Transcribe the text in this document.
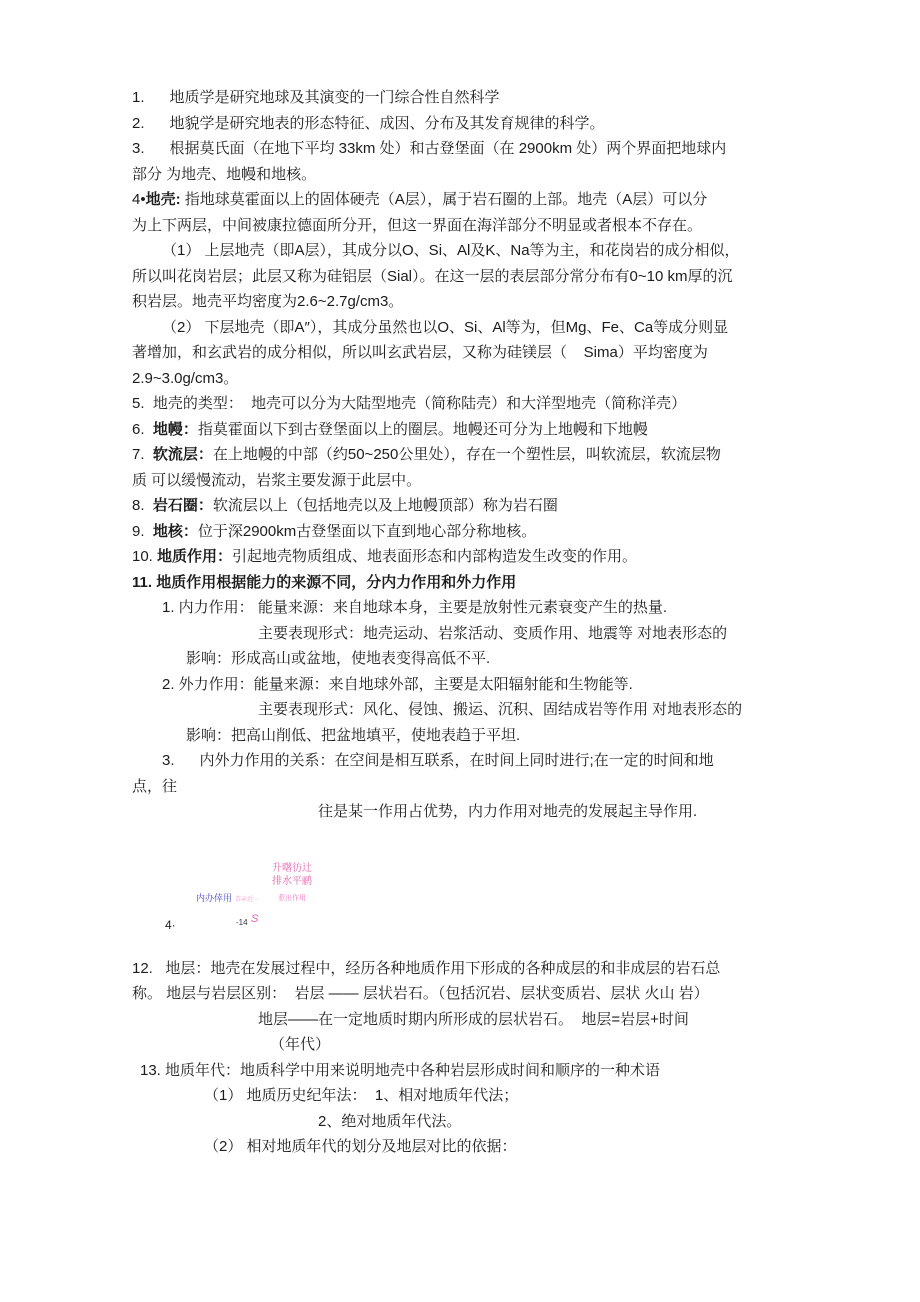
1.      地质学是研究地球及其演变的一门综合性自然科学
2.      地貌学是研究地表的形态特征、成因、分布及其发育规律的科学。
3.      根据莫氏面（在地下平均 33km 处）和古登堡面（在 2900km 处）两个界面把地球内
部分 为地壳、地幔和地核。
4•地壳: 指地球莫霍面以上的固体硬壳（A层），属于岩石圈的上部。地壳（A层）可以分
为上下两层，中间被康拉德面所分开，但这一界面在海洋部分不明显或者根本不存在。
（1） 上层地壳（即A层），其成分以O、Si、Al及K、Na等为主，和花岗岩的成分相似，
所以叫花岗岩层；此层又称为硅铝层（Sial）。在这一层的表层部分常分布有0~10 km厚的沉
积岩层。地壳平均密度为2.6~2.7g/cm3。
（2） 下层地壳（即A″），其成分虽然也以O、Si、Al等为，但Mg、Fe、Ca等成分则显
著增加，和玄武岩的成分相似，所以叫玄武岩层，又称为硅镁层（    Sima）平均密度为
2.9~3.0g/cm3。
5.  地壳的类型：  地壳可以分为大陆型地壳（简称陆壳）和大洋型地壳（简称洋壳）
6.  地幔：指莫霍面以下到古登堡面以上的圈层。地幔还可分为上地幔和下地幔
7.  软流层：在上地幔的中部（约50~250公里处），存在一个塑性层，叫软流层，软流层物
质 可以缓慢流动，岩浆主要发源于此层中。
8.  岩石圈：软流层以上（包括地壳以及上地幔顶部）称为岩石圈
9.  地核：位于深2900km古登堡面以下直到地心部分称地核。
10. 地质作用：引起地壳物质组成、地表面形态和内部构造发生改变的作用。
11. 地质作用根据能力的来源不同，分内力作用和外力作用
1. 内力作用： 能量来源：来自地球本身，主要是放射性元素衰变产生的热量.
主要表现形式：地壳运动、岩浆活动、变质作用、地震等 对地表形态的
影响：形成高山或盆地，使地表变得高低不平.
2. 外力作用：能量来源：来自地球外部，主要是太阳辐射能和生物能等.
主要表现形式：风化、侵蚀、搬运、沉积、固结成岩等作用 对地表形态的
影响：把高山削低、把盆地填平，使地表趋于平坦.
3.      内外力作用的关系：在空间是相互联系，在时间上同时进行;在一定的时间和地
点，往
往是某一作用占优势，内力作用对地壳的发展起主导作用.
升曙彷辻
排水平鹂
内办倖用 恭亲近⋯	惹出作用
4·	-14 S
12.   地层：地壳在发展过程中，经历各种地质作用下形成的各种成层的和非成层的岩石总
称。 地层与岩层区别：  岩层 —— 层状岩石。（包括沉岩、层状变质岩、层状 火山 岩）
地层——在一定地质时期内所形成的层状岩石。  地层=岩层+时间
（年代）
13. 地质年代：地质科学中用来说明地壳中各种岩层形成时间和顺序的一种术语
（1） 地质历史纪年法：  1、相对地质年代法；
2、绝对地质年代法。
（2） 相对地质年代的划分及地层对比的依据：
